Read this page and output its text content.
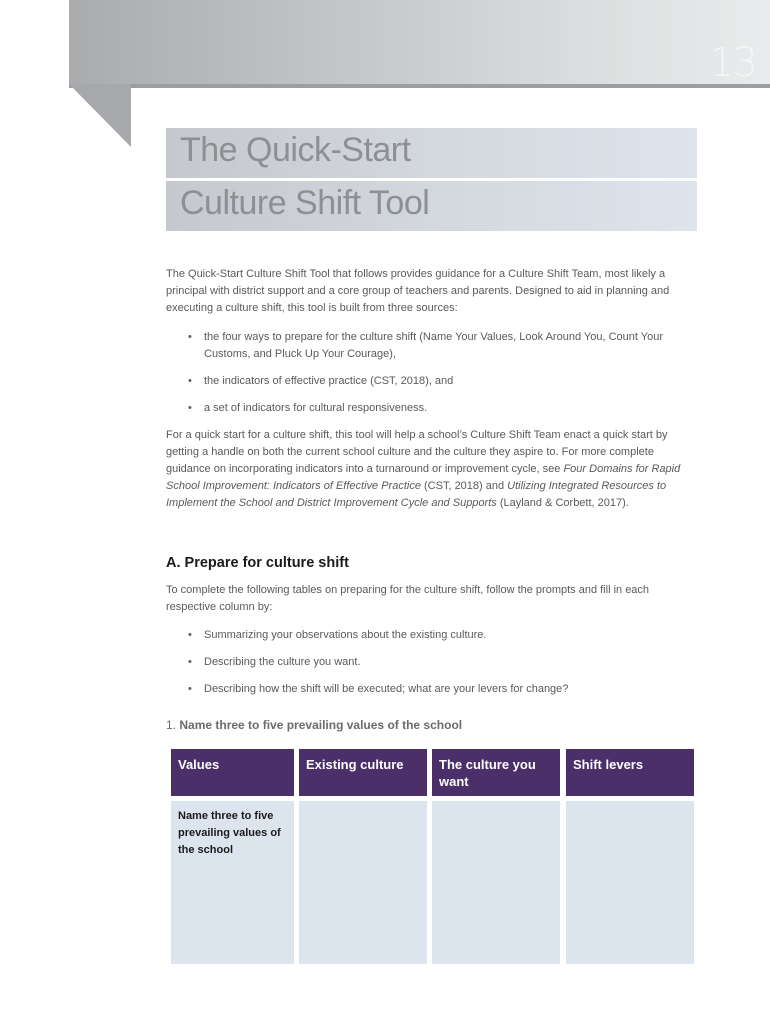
13
The Quick-Start
Culture Shift Tool

The Quick-Start Culture Shift Tool that follows provides guidance for a Culture Shift Team, most likely a principal with district support and a core group of teachers and parents. Designed to aid in planning and executing a culture shift, this tool is built from three sources:

• the four ways to prepare for the culture shift (Name Your Values, Look Around You, Count Your Customs, and Pluck Up Your Courage),
• the indicators of effective practice (CST, 2018), and
• a set of indicators for cultural responsiveness.

For a quick start for a culture shift, this tool will help a school’s Culture Shift Team enact a quick start by getting a handle on both the current school culture and the culture they aspire to. For more complete guidance on incorporating indicators into a turnaround or improvement cycle, see Four Domains for Rapid School Improvement: Indicators of Effective Practice (CST, 2018) and Utilizing Integrated Resources to Implement the School and District Improvement Cycle and Supports (Layland & Corbett, 2017).

A. Prepare for culture shift

To complete the following tables on preparing for the culture shift, follow the prompts and fill in each respective column by:

• Summarizing your observations about the existing culture.
• Describing the culture you want.
• Describing how the shift will be executed; what are your levers for change?
1. Name three to five prevailing values of the school
Values	Existing culture	The culture you want
Shift levers
Name three to five prevailing values of the school
